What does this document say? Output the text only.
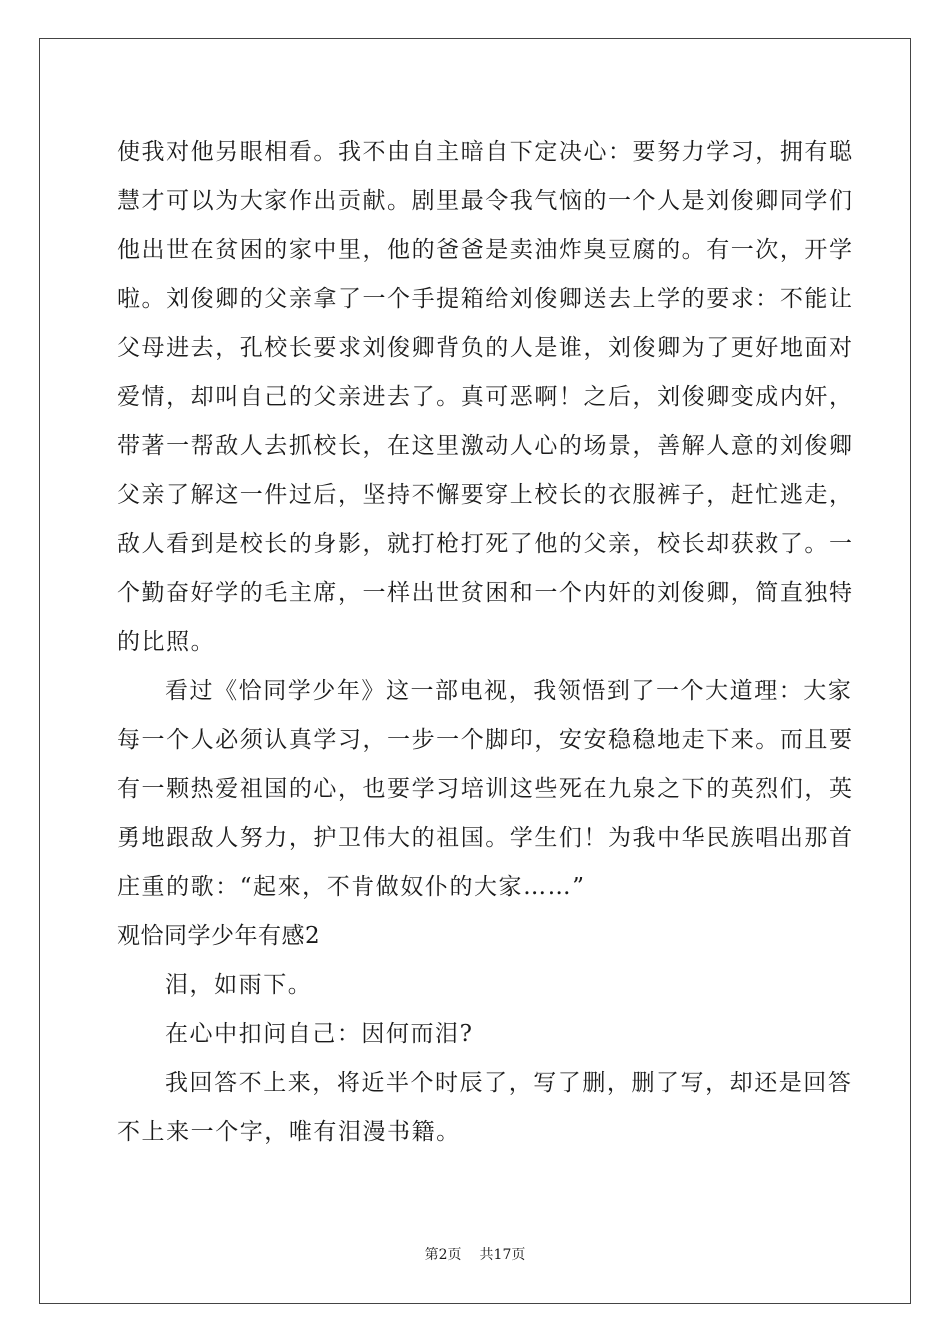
使我对他另眼相看。我不由自主暗自下定决心：要努力学习，拥有聪
慧才可以为大家作出贡献。剧里最令我气恼的一个人是刘俊卿同学们
他出世在贫困的家中里，他的爸爸是卖油炸臭豆腐的。有一次，开学
啦。刘俊卿的父亲拿了一个手提箱给刘俊卿送去上学的要求：不能让
父母进去，孔校长要求刘俊卿背负的人是谁，刘俊卿为了更好地面对
爱情，却叫自己的父亲进去了。真可恶啊！之后，刘俊卿变成内奸，
带著一帮敌人去抓校长，在这里激动人心的场景，善解人意的刘俊卿
父亲了解这一件过后，坚持不懈要穿上校长的衣服裤子，赶忙逃走，
敌人看到是校长的身影，就打枪打死了他的父亲，校长却获救了。一
个勤奋好学的毛主席，一样出世贫困和一个内奸的刘俊卿，简直独特
的比照。
看过《恰同学少年》这一部电视，我领悟到了一个大道理：大家
每一个人必须认真学习，一步一个脚印，安安稳稳地走下来。而且要
有一颗热爱祖国的心，也要学习培训这些死在九泉之下的英烈们，英
勇地跟敌人努力，护卫伟大的祖国。学生们！为我中华民族唱出那首
庄重的歌：“起來，不肯做奴仆的大家……”
观恰同学少年有感2
泪，如雨下。
在心中扣问自己：因何而泪?
我回答不上来，将近半个时辰了，写了删，删了写，却还是回答
不上来一个字，唯有泪漫书籍。
第2页 共17页
